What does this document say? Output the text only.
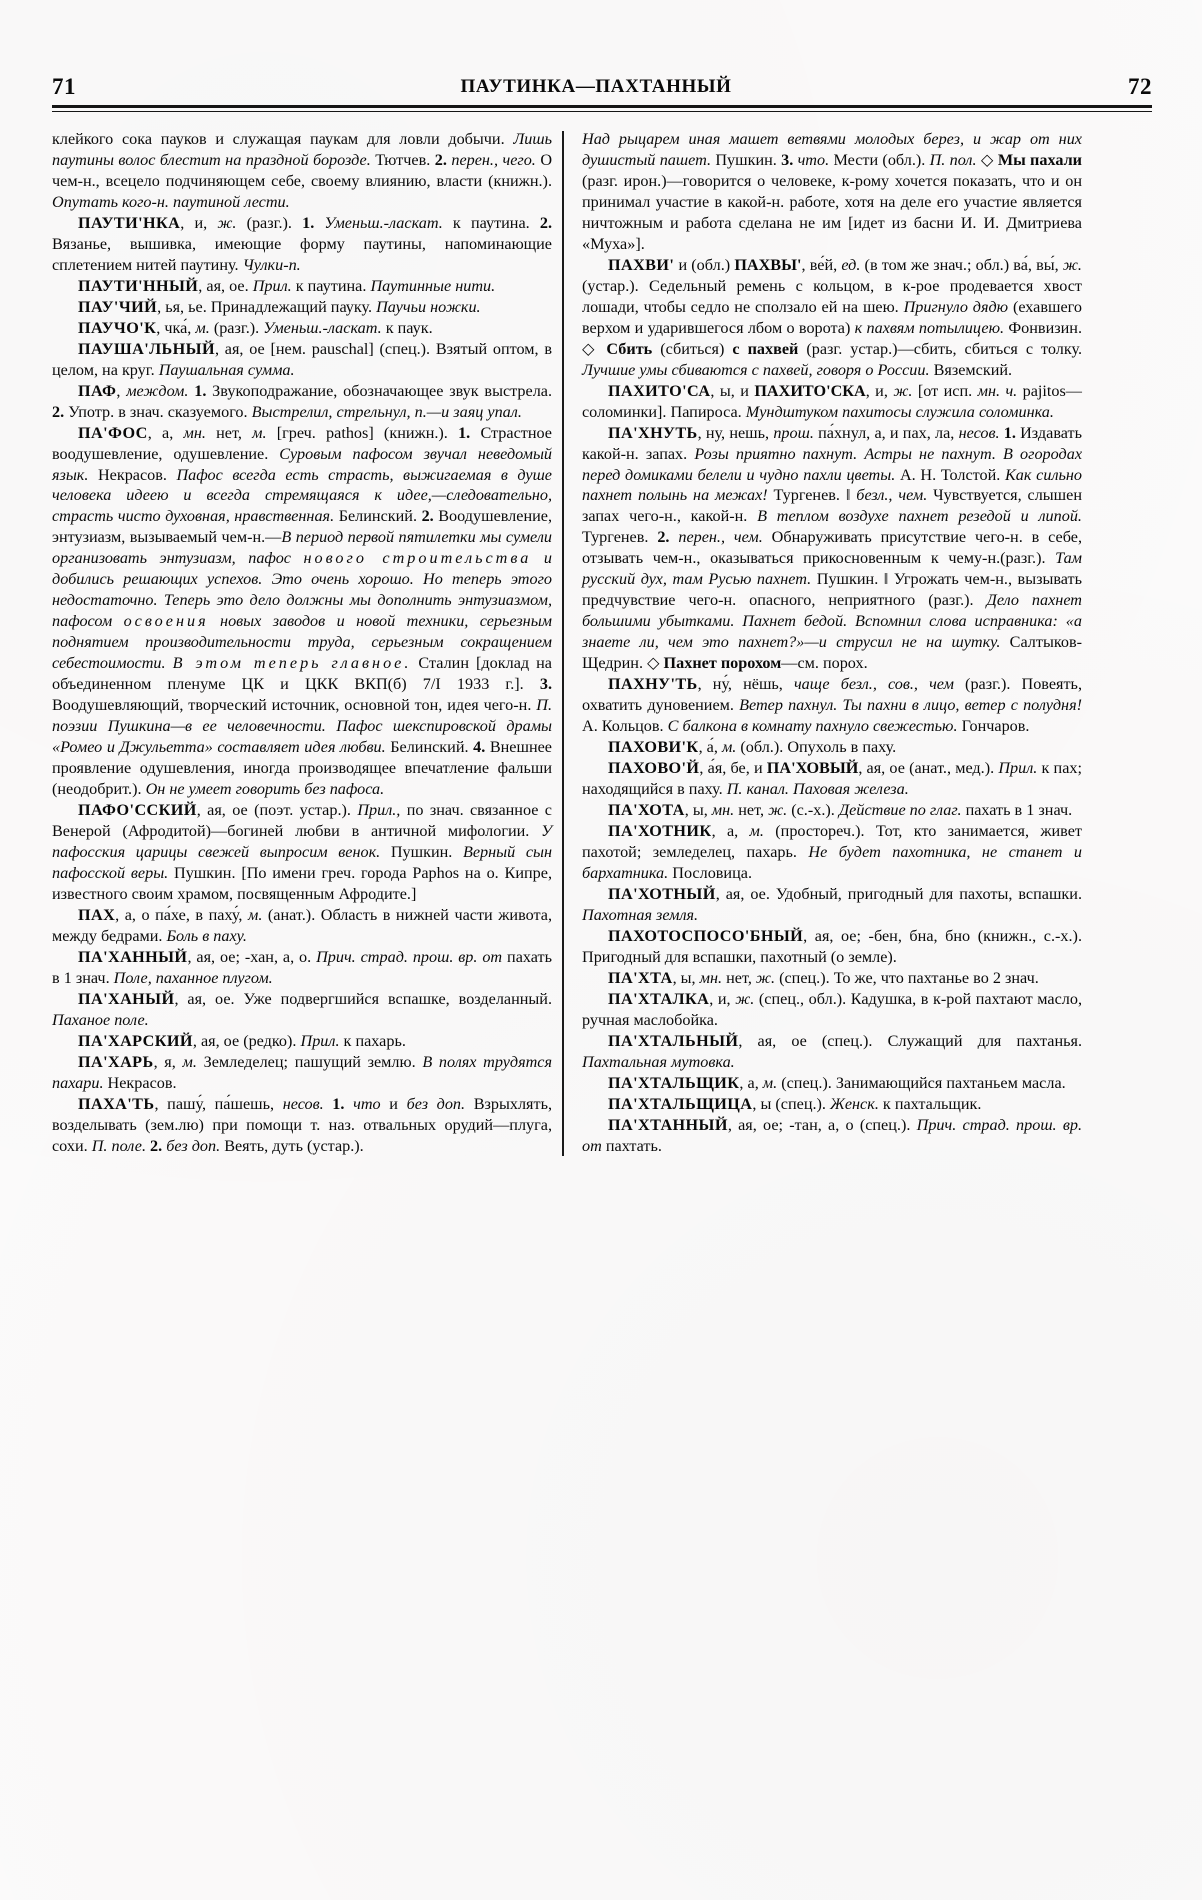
71	ПАУТИНКА—ПАХТАННЫЙ	72

клейкого сока пауков и служащая паукам для ловли добычи. Лишь паутины волос блестит на праздной борозде. Тютчев. 2. перен., чего. О чем-н., всецело подчиняющем себе, своему влиянию, власти (книжн.). Опутать кого-н. паутиной лести.

ПАУТИ'НКА, и, ж. (разг.). 1. Уменьш.-ласкат. к паутина. 2. Вязанье, вышивка, имеющие форму паутины, напоминающие сплетением нитей паутину. Чулки-п.

ПАУТИ'ННЫЙ, ая, ое. Прил. к паутина. Паутинные нити.

ПАУ'ЧИЙ, ья, ье. Принадлежащий пауку. Паучьи ножки.

ПАУЧО'К, чка́, м. (разг.). Уменьш.-ласкат. к паук.

ПАУША'ЛЬНЫЙ, ая, ое [нем. pauschal] (спец.). Взятый оптом, в целом, на круг. Паушальная сумма.

ПАФ, междом. 1. Звукоподражание, обозначающее звук выстрела. 2. Употр. в знач. сказуемого. Выстрелил, стрельнул, п.—и заяц упал.

ПА'ФОС, а, мн. нет, м. [греч. pathos] (книжн.). 1. Страстное воодушевление, одушевление. Суровым пафосом звучал неведомый язык. Некрасов. Пафос всегда есть страсть, выжигаемая в душе человека идеею и всегда стремящаяся к идее,—следовательно, страсть чисто духовная, нравственная. Белинский. 2. Воодушевление, энтузиазм, вызываемый чем-н.—В период первой пятилетки мы сумели организовать энтузиазм, пафос нового строительства и добились решающих успехов. Это очень хорошо. Но теперь этого недостаточно. Теперь это дело должны мы дополнить энтузиазмом, пафосом освоения новых заводов и новой техники, серьезным поднятием производительности труда, серьезным сокращением себестоимости. В этом теперь главное. Сталин [доклад на объединенном пленуме ЦК и ЦКК ВКП(б) 7/I 1933 г.]. 3. Воодушевляющий, творческий источник, основной тон, идея чего-н. П. поэзии Пушкина—в ее человечности. Пафос шекспировской драмы «Ромео и Джульетта» составляет идея любви. Белинский. 4. Внешнее проявление одушевления, иногда производящее впечатление фальши (неодобрит.). Он не умеет говорить без пафоса.

ПАФО'ССКИЙ, ая, ое (поэт. устар.). Прил., по знач. связанное с Венерой (Афродитой)—богиней любви в античной мифологии. У пафосския царицы свежей выпросим венок. Пушкин. Верный сын пафосской веры. Пушкин. [По имени греч. города Paphos на о. Кипре, известного своим храмом, посвященным Афродите.]

ПАХ, а, о па́хе, в паху́, м. (анат.). Область в нижней части живота, между бедрами. Боль в паху.

ПА'ХАННЫЙ, ая, ое; -хан, а, о. Прич. страд. прош. вр. от пахать в 1 знач. Поле, паханное плугом.

ПА'ХАНЫЙ, ая, ое. Уже подвергшийся вспашке, возделанный. Паханое поле.

ПА'ХАРСКИЙ, ая, ое (редко). Прил. к пахарь.

ПА'ХАРЬ, я, м. Земледелец; пашущий землю. В полях трудятся пахари. Некрасов.

ПАХА'ТЬ, пашу́, па́шешь, несов. 1. что и без доп. Взрыхлять, возделывать (зем.лю) при помощи т. наз. отвальных орудий—плуга, сохи. П. поле. 2. без доп. Веять, дуть (устар.).

Над рыцарем иная машет ветвями молодых берез, и жар от них душистый пашет. Пушкин. 3. что. Мести (обл.). П. пол. ◇ Мы пахали (разг. ирон.)—говорится о человеке, к-рому хочется показать, что и он принимал участие в какой-н. работе, хотя на деле его участие является ничтожным и работа сделана не им [идет из басни И. И. Дмитриева «Муха»].

ПАХВИ' и (обл.) ПАХВЫ', ве́й, ед. (в том же знач.; обл.) ва́, вы́, ж. (устар.). Седельный ремень с кольцом, в к-рое продевается хвост лошади, чтобы седло не сползало ей на шею. Пригнуло дядю (ехавшего верхом и ударившегося лбом о ворота) к пахвям потылицею. Фонвизин. ◇ Сбить (сбиться) с пахвей (разг. устар.)—сбить, сбиться с толку. Лучшие умы сбиваются с пахвей, говоря о России. Вяземский.

ПАХИТО'СА, ы, и ПАХИТО'СКА, и, ж. [от исп. мн. ч. pajitos—соломинки]. Папироса. Мундштуком пахитосы служила соломинка.

ПА'ХНУТЬ, ну, нешь, прош. па́хнул, а, и пах, ла, несов. 1. Издавать какой-н. запах. Розы приятно пахнут. Астры не пахнут. В огородах перед домиками белели и чудно пахли цветы. А. Н. Толстой. Как сильно пахнет полынь на межах! Тургенев. ‖ безл., чем. Чувствуется, слышен запах чего-н., какой-н. В теплом воздухе пахнет резедой и липой. Тургенев. 2. перен., чем. Обнаруживать присутствие чего-н. в себе, отзывать чем-н., оказываться прикосновенным к чему-н.(разг.). Там русский дух, там Русью пахнет. Пушкин. ‖ Угрожать чем-н., вызывать предчувствие чего-н. опасного, неприятного (разг.). Дело пахнет большими убытками. Пахнет бедой. Вспомнил слова исправника: «а знаете ли, чем это пахнет?»—и струсил не на шутку. Салтыков-Щедрин. ◇ Пахнет порохом—см. порох.

ПАХНУ'ТЬ, ну́, нёшь, чаще безл., сов., чем (разг.). Повеять, охватить дуновением. Ветер пахнул. Ты пахни в лицо, ветер с полудня! А. Кольцов. С балкона в комнату пахнуло свежестью. Гончаров.

ПАХОВИ'К, а́, м. (обл.). Опухоль в паху.

ПАХОВО'Й, а́я, бе, и ПА'ХОВЫЙ, ая, ое (анат., мед.). Прил. к пах; находящийся в паху. П. канал. Паховая железа.

ПА'ХОТА, ы, мн. нет, ж. (с.-х.). Действие по глаг. пахать в 1 знач.

ПА'ХОТНИК, а, м. (простореч.). Тот, кто занимается, живет пахотой; земледелец, пахарь. Не будет пахотника, не станет и бархатника. Пословица.

ПА'ХОТНЫЙ, ая, ое. Удобный, пригодный для пахоты, вспашки. Пахотная земля.

ПАХОТОСПОСО'БНЫЙ, ая, ое; -бен, бна, бно (книжн., с.-х.). Пригодный для вспашки, пахотный (о земле).

ПА'ХТА, ы, мн. нет, ж. (спец.). То же, что пахтанье во 2 знач.

ПА'ХТАЛКА, и, ж. (спец., обл.). Кадушка, в к-рой пахтают масло, ручная маслобойка.

ПА'ХТАЛЬНЫЙ, ая, ое (спец.). Служащий для пахтанья. Пахтальная мутовка.

ПА'ХТАЛЬЩИК, а, м. (спец.). Занимающийся пахтаньем масла.

ПА'ХТАЛЬЩИЦА, ы (спец.). Женск. к пахтальщик.

ПА'ХТАННЫЙ, ая, ое; -тан, а, о (спец.). Прич. страд. прош. вр. от пахтать.
